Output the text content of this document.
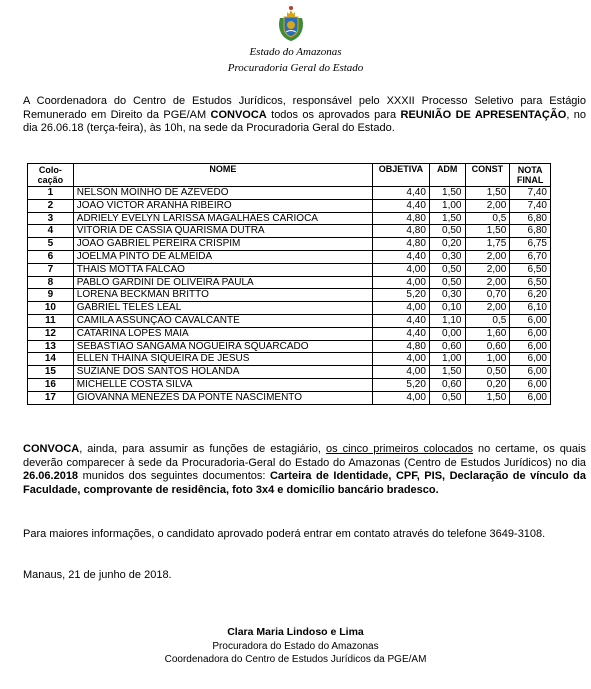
Estado do Amazonas
Procuradoria Geral do Estado

A Coordenadora do Centro de Estudos Jurídicos, responsável pelo XXXII Processo Seletivo para Estágio Remunerado em Direito da PGE/AM CONVOCA todos os aprovados para REUNIÃO DE APRESENTAÇÃO, no dia 26.06.18 (terça-feira), às 10h, na sede da Procuradoria Geral do Estado.

Colo-cação	NOME	OBJETIVA	ADM	CONST	NOTA FINAL
1	NELSON MOINHO DE AZEVEDO	4,40	1,50	1,50	7,40
2	JOÃO VICTOR ARANHA RIBEIRO	4,40	1,00	2,00	7,40
3	ADRIELY EVELYN LARISSA MAGALHÃES CARIOCA	4,80	1,50	0,5	6,80
4	VITÓRIA DE CÁSSIA QUARISMA DUTRA	4,80	0,50	1,50	6,80
5	JOÃO GABRIEL PEREIRA CRISPIM	4,80	0,20	1,75	6,75
6	JOELMA PINTO DE ALMEIDA	4,40	0,30	2,00	6,70
7	THAÍS MOTTA FALCÃO	4,00	0,50	2,00	6,50
8	PABLO GARDINI DE OLIVEIRA PAULA	4,00	0,50	2,00	6,50
9	LORENA BECKMAN BRITTO	5,20	0,30	0,70	6,20
10	GABRIEL TELES LEAL	4,00	0,10	2,00	6,10
11	CAMILA ASSUNÇÃO CAVALCANTE	4,40	1,10	0,5	6,00
12	CATARINA LOPES MAIA	4,40	0,00	1,60	6,00
13	SEBASTIÃO SANGAMA NOGUEIRA SQUARCADO	4,80	0,60	0,60	6,00
14	ELLEN THAINÁ SIQUEIRA DE JESUS	4,00	1,00	1,00	6,00
15	SUZIANE DOS SANTOS HOLANDA	4,00	1,50	0,50	6,00
16	MICHELLE COSTA SILVA	5,20	0,60	0,20	6,00
17	GIOVANNA MENEZES DA PONTE NASCIMENTO	4,00	0,50	1,50	6,00

CONVOCA, ainda, para assumir as funções de estagiário, os cinco primeiros colocados no certame, os quais deverão comparecer à sede da Procuradoria-Geral do Estado do Amazonas (Centro de Estudos Jurídicos) no dia 26.06.2018 munidos dos seguintes documentos: Carteira de Identidade, CPF, PIS, Declaração de vínculo da Faculdade, comprovante de residência, foto 3x4 e domicílio bancário bradesco.

Para maiores informações, o candidato aprovado poderá entrar em contato através do telefone 3649-3108.

Manaus, 21 de junho de 2018.

Clara Maria Lindoso e Lima
Procuradora do Estado do Amazonas
Coordenadora do Centro de Estudos Jurídicos da PGE/AM
